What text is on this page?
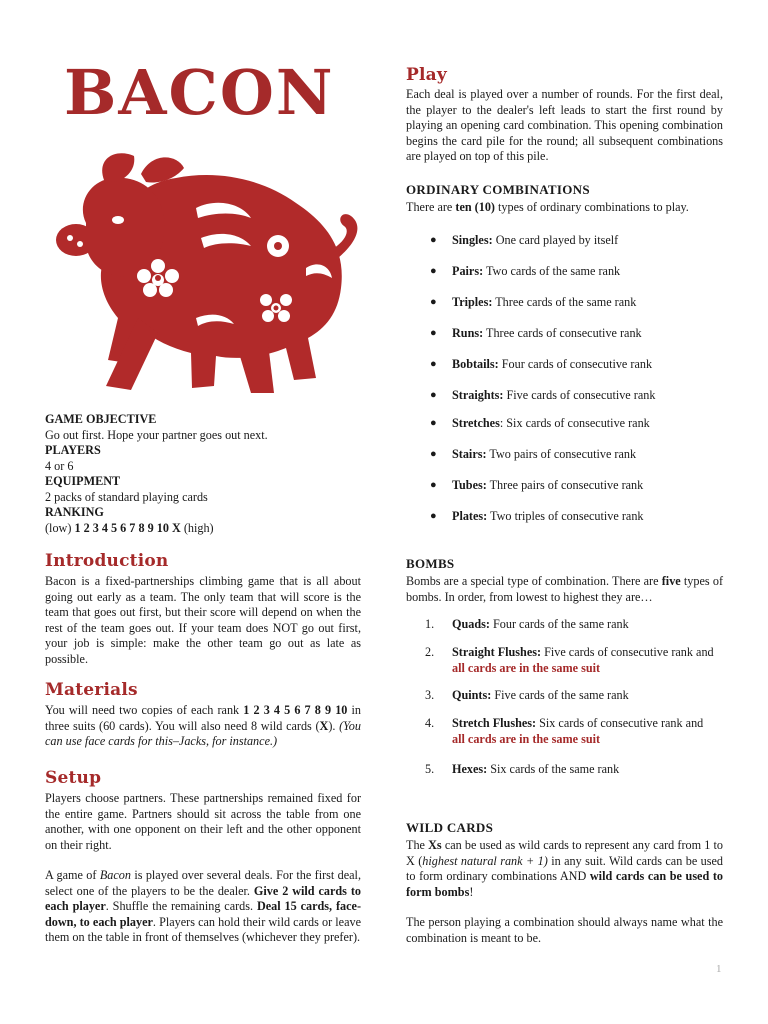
BACON

GAME OBJECTIVE

Go out first. Hope your partner goes out next.

PLAYERS

4 or 6

EQUIPMENT

2 packs of standard playing cards

RANKING

(low) 1 2 3 4 5 6 7 8 9 10 X (high)

Introduction

Bacon is a fixed-partnerships climbing game that is all about going out early as a team. The only team that will score is the team that goes out first, but their score will depend on when the rest of the team goes out. If your team does NOT go out first, your job is simple: make the other team go out as late as possible.

Materials

You will need two copies of each rank 1 2 3 4 5 6 7 8 9 10 in three suits (60 cards). You will also need 8 wild cards (X). (You can use face cards for this–Jacks, for instance.)

Setup

Players choose partners. These partnerships remained fixed for the entire game. Partners should sit across the table from one another, with one opponent on their left and the other opponent on their right.

A game of Bacon is played over several deals. For the first deal, select one of the players to be the dealer. Give 2 wild cards to each player. Shuffle the remaining cards. Deal 15 cards, face-down, to each player. Players can hold their wild cards or leave them on the table in front of themselves (whichever they prefer).

Play

Each deal is played over a number of rounds. For the first deal, the player to the dealer's left leads to start the first round by playing an opening card combination. This opening combination begins the card pile for the round; all subsequent combinations are played on top of this pile.

ORDINARY COMBINATIONS

There are ten (10) types of ordinary combinations to play.

● Singles: One card played by itself
● Pairs: Two cards of the same rank
● Triples: Three cards of the same rank
● Runs: Three cards of consecutive rank
● Bobtails: Four cards of consecutive rank
● Straights: Five cards of consecutive rank
● Stretches: Six cards of consecutive rank
● Stairs: Two pairs of consecutive rank
● Tubes: Three pairs of consecutive rank
● Plates: Two triples of consecutive rank

BOMBS

Bombs are a special type of combination. There are five types of bombs. In order, from lowest to highest they are…

1. Quads: Four cards of the same rank
2. Straight Flushes: Five cards of consecutive rank and
all cards are in the same suit
3. Quints: Five cards of the same rank
4. Stretch Flushes: Six cards of consecutive rank and
all cards are in the same suit
5. Hexes: Six cards of the same rank

WILD CARDS

The Xs can be used as wild cards to represent any card from 1 to X (highest natural rank + 1) in any suit. Wild cards can be used to form ordinary combinations AND wild cards can be used to form bombs!

The person playing a combination should always name what the combination is meant to be.

1
